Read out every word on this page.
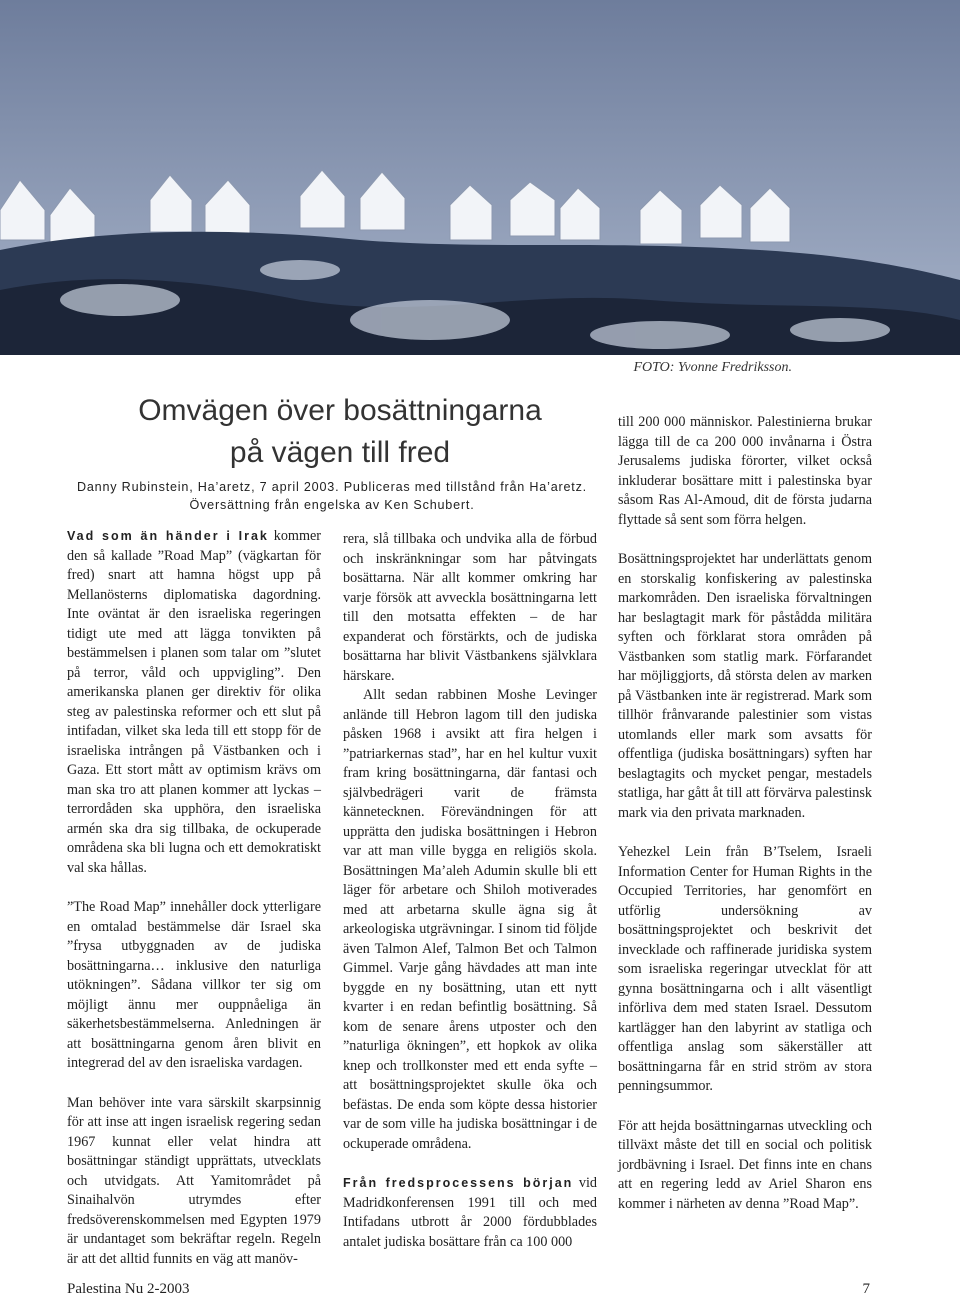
FOTO: Yvonne Fredriksson.
Omvägen över bosättningarna
på vägen till fred
Danny Rubinstein, Ha’aretz, 7 april 2003. Publiceras med tillstånd från Ha’aretz. Översättning från engelska av Ken Schubert.

Vad som än händer i Irak kommer den så kallade ”Road Map” (vägkartan för fred) snart att hamna högst upp på Mellanösterns diplomatiska dagordning. Inte oväntat är den israeliska regeringen tidigt ute med att lägga tonvikten på bestämmelsen i planen som talar om ”slutet på terror, våld och uppvigling”. Den amerikanska planen ger direktiv för olika steg av palestinska reformer och ett slut på intifadan, vilket ska leda till ett stopp för de israeliska intrången på Västbanken och i Gaza. Ett stort mått av optimism krävs om man ska tro att planen kommer att lyckas – terrordåden ska upphöra, den israeliska armén ska dra sig tillbaka, de ockuperade områdena ska bli lugna och ett demokratiskt val ska hållas.

”The Road Map” innehåller dock ytterligare en omtalad bestämmelse där Israel ska ”frysa utbyggnaden av de judiska bosättningarna… inklusive den naturliga utökningen”. Sådana villkor ter sig om möjligt ännu mer ouppnåeliga än säkerhetsbestämmelserna. Anledningen är att bosättningarna genom åren blivit en integrerad del av den israeliska vardagen.

Man behöver inte vara särskilt skarpsinnig för att inse att ingen israelisk regering sedan 1967 kunnat eller velat hindra att bosättningar ständigt upprättats, utvecklats och utvidgats. Att Yamitområdet på Sinaihalvön utrymdes efter fredsöverenskommelsen med Egypten 1979 är undantaget som bekräftar regeln. Regeln är att det alltid funnits en väg att manöv-

rera, slå tillbaka och undvika alla de förbud och inskränkningar som har påtvingats bosättarna. När allt kommer omkring har varje försök att avveckla bosättningarna lett till den motsatta effekten – de har expanderat och förstärkts, och de judiska bosättarna har blivit Västbankens självklara härskare.

Allt sedan rabbinen Moshe Levinger anlände till Hebron lagom till den judiska påsken 1968 i avsikt att fira helgen i ”patriarkernas stad”, har en hel kultur vuxit fram kring bosättningarna, där fantasi och självbedrägeri varit de främsta kännetecknen. Förevändningen för att upprätta den judiska bosättningen i Hebron var att man ville bygga en religiös skola. Bosättningen Ma’aleh Adumin skulle bli ett läger för arbetare och Shiloh motiverades med att arbetarna skulle ägna sig åt arkeologiska utgrävningar. I sinom tid följde även Talmon Alef, Talmon Bet och Talmon Gimmel. Varje gång hävdades att man inte byggde en ny bosättning, utan ett nytt kvarter i en redan befintlig bosättning. Så kom de senare årens utposter och den ”naturliga ökningen”, ett hopkok av olika knep och trollkonster med ett enda syfte – att bosättningsprojektet skulle öka och befästas. De enda som köpte dessa historier var de som ville ha judiska bosättningar i de ockuperade områdena.

Från fredsprocessens början vid Madridkonferensen 1991 till och med Intifadans utbrott år 2000 fördubblades antalet judiska bosättare från ca 100 000

till 200 000 människor. Palestinierna brukar lägga till de ca 200 000 invånarna i Östra Jerusalems judiska förorter, vilket också inkluderar bosättare mitt i palestinska byar såsom Ras Al-Amoud, dit de första judarna flyttade så sent som förra helgen.

Bosättningsprojektet har underlättats genom en storskalig konfiskering av palestinska markområden. Den israeliska förvaltningen har beslagtagit mark för påstådda militära syften och förklarat stora områden på Västbanken som statlig mark. Förfarandet har möjliggjorts, då största delen av marken på Västbanken inte är registrerad. Mark som tillhör frånvarande palestinier som vistas utomlands eller mark som avsatts för offentliga (judiska bosättningars) syften har beslagtagits och mycket pengar, mestadels statliga, har gått åt till att förvärva palestinsk mark via den privata marknaden.

Yehezkel Lein från B’Tselem, Israeli Information Center for Human Rights in the Occupied Territories, har genomfört en utförlig undersökning av bosättningsprojektet och beskrivit det invecklade och raffinerade juridiska system som israeliska regeringar utvecklat för att gynna bosättningarna och i allt väsentligt införliva dem med staten Israel. Dessutom kartlägger han den labyrint av statliga och offentliga anslag som säkerställer att bosättningarna får en strid ström av stora penningsummor.

För att hejda bosättningarnas utveckling och tillväxt måste det till en social och politisk jordbävning i Israel. Det finns inte en chans att en regering ledd av Ariel Sharon ens kommer i närheten av denna ”Road Map”.

Palestina Nu 2-2003	7
